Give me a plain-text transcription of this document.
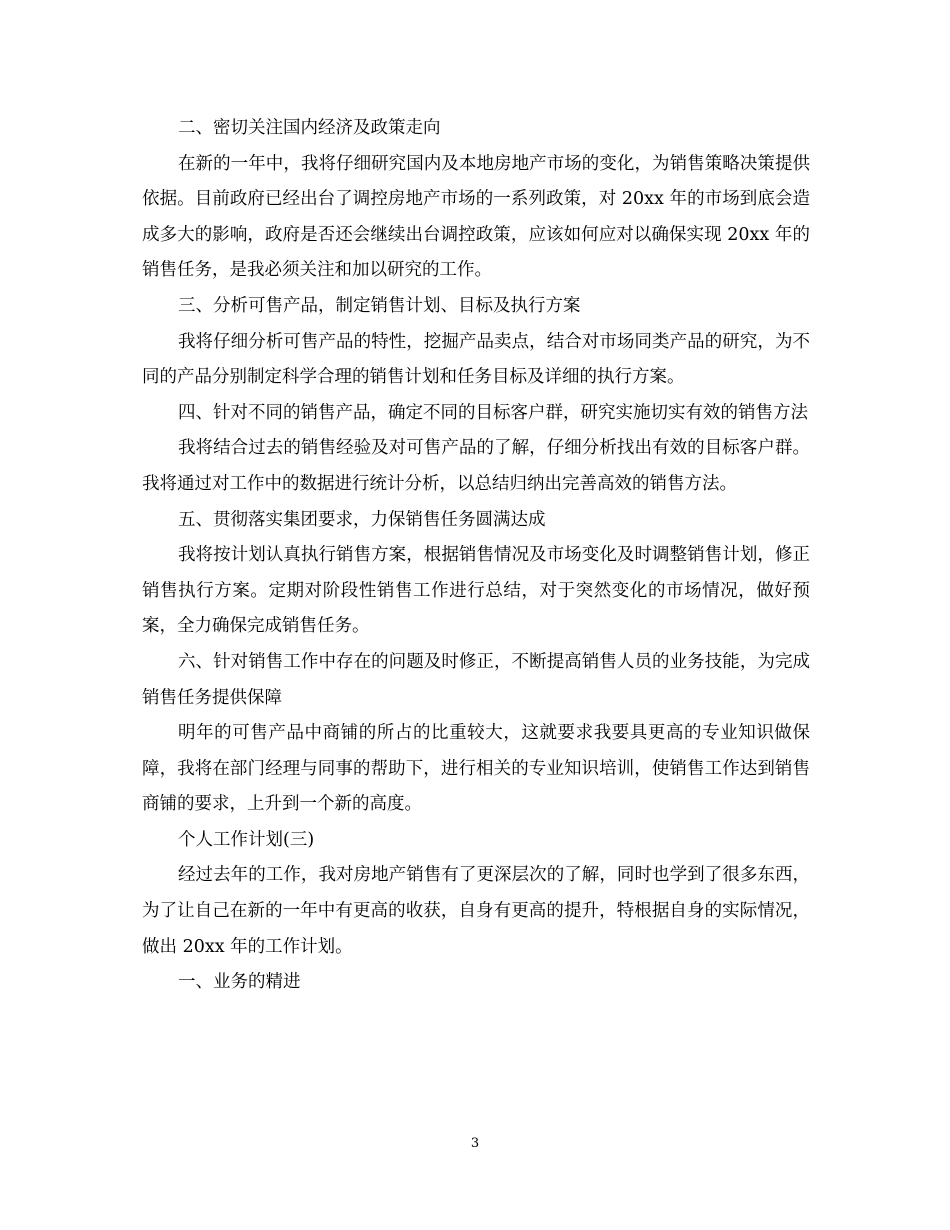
二、密切关注国内经济及政策走向

在新的一年中，我将仔细研究国内及本地房地产市场的变化，为销售策略决策提供依据。目前政府已经出台了调控房地产市场的一系列政策，对 20xx 年的市场到底会造成多大的影响，政府是否还会继续出台调控政策，应该如何应对以确保实现 20xx 年的销售任务，是我必须关注和加以研究的工作。

三、分析可售产品，制定销售计划、目标及执行方案

我将仔细分析可售产品的特性，挖掘产品卖点，结合对市场同类产品的研究，为不同的产品分别制定科学合理的销售计划和任务目标及详细的执行方案。

四、针对不同的销售产品，确定不同的目标客户群，研究实施切实有效的销售方法

我将结合过去的销售经验及对可售产品的了解，仔细分析找出有效的目标客户群。我将通过对工作中的数据进行统计分析，以总结归纳出完善高效的销售方法。

五、贯彻落实集团要求，力保销售任务圆满达成

我将按计划认真执行销售方案，根据销售情况及市场变化及时调整销售计划，修正销售执行方案。定期对阶段性销售工作进行总结，对于突然变化的市场情况，做好预案，全力确保完成销售任务。

六、针对销售工作中存在的问题及时修正，不断提高销售人员的业务技能，为完成销售任务提供保障

明年的可售产品中商铺的所占的比重较大，这就要求我要具更高的专业知识做保障，我将在部门经理与同事的帮助下，进行相关的专业知识培训，使销售工作达到销售商铺的要求，上升到一个新的高度。

个人工作计划(三)

经过去年的工作，我对房地产销售有了更深层次的了解，同时也学到了很多东西，为了让自己在新的一年中有更高的收获，自身有更高的提升，特根据自身的实际情况，做出 20xx 年的工作计划。

一、业务的精进

3
